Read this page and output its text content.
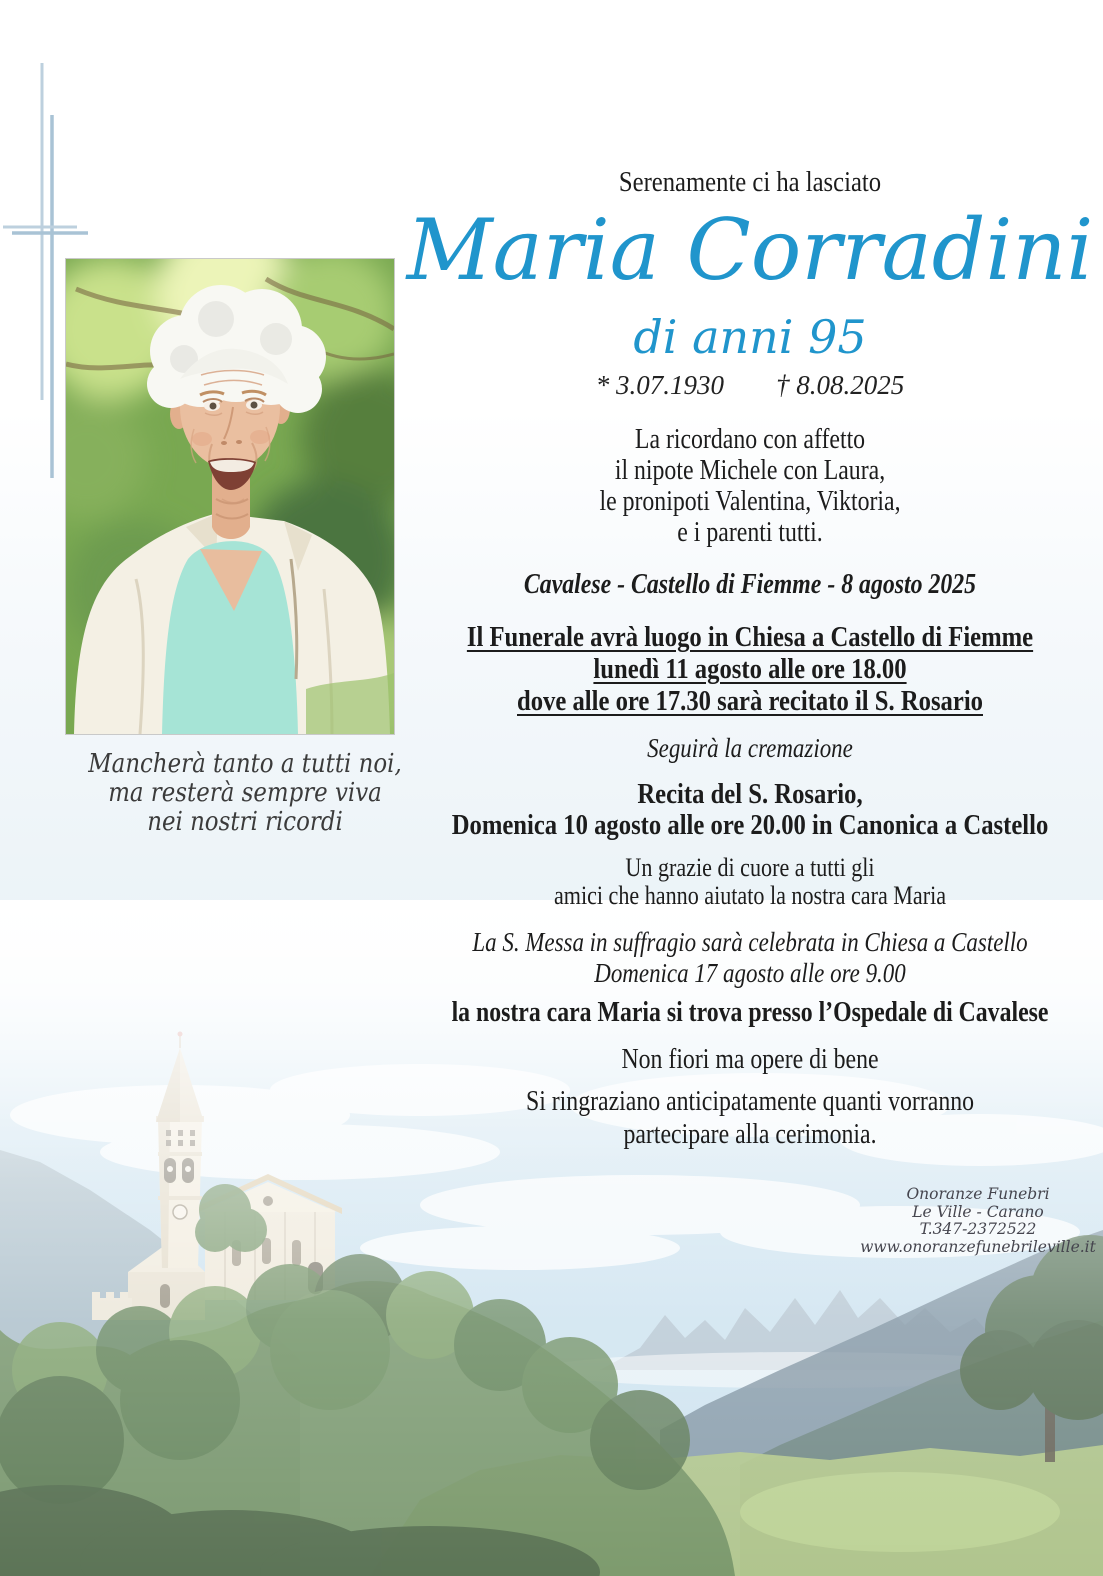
Mancherà tanto a tutti noi,
ma resterà sempre viva
nei nostri ricordi
Serenamente ci ha lasciato
Maria Corradini
di anni 95
* 3.07.1930 † 8.08.2025
La ricordano con affetto
il nipote Michele con Laura,
le pronipoti Valentina, Viktoria,
e i parenti tutti.
Cavalese - Castello di Fiemme - 8 agosto 2025
Il Funerale avrà luogo in Chiesa a Castello di Fiemme
lunedì 11 agosto alle ore 18.00
dove alle ore 17.30 sarà recitato il S. Rosario
Seguirà la cremazione
Recita del S. Rosario,
Domenica 10 agosto alle ore 20.00 in Canonica a Castello
Un grazie di cuore a tutti gli
amici che hanno aiutato la nostra cara Maria
La S. Messa in suffragio sarà celebrata in Chiesa a Castello
Domenica 17 agosto alle ore 9.00
la nostra cara Maria si trova presso l’Ospedale di Cavalese
Non fiori ma opere di bene
Si ringraziano anticipatamente quanti vorranno
partecipare alla cerimonia.
Onoranze Funebri
Le Ville - Carano
T.347-2372522
www.onoranzefunebrileville.it
